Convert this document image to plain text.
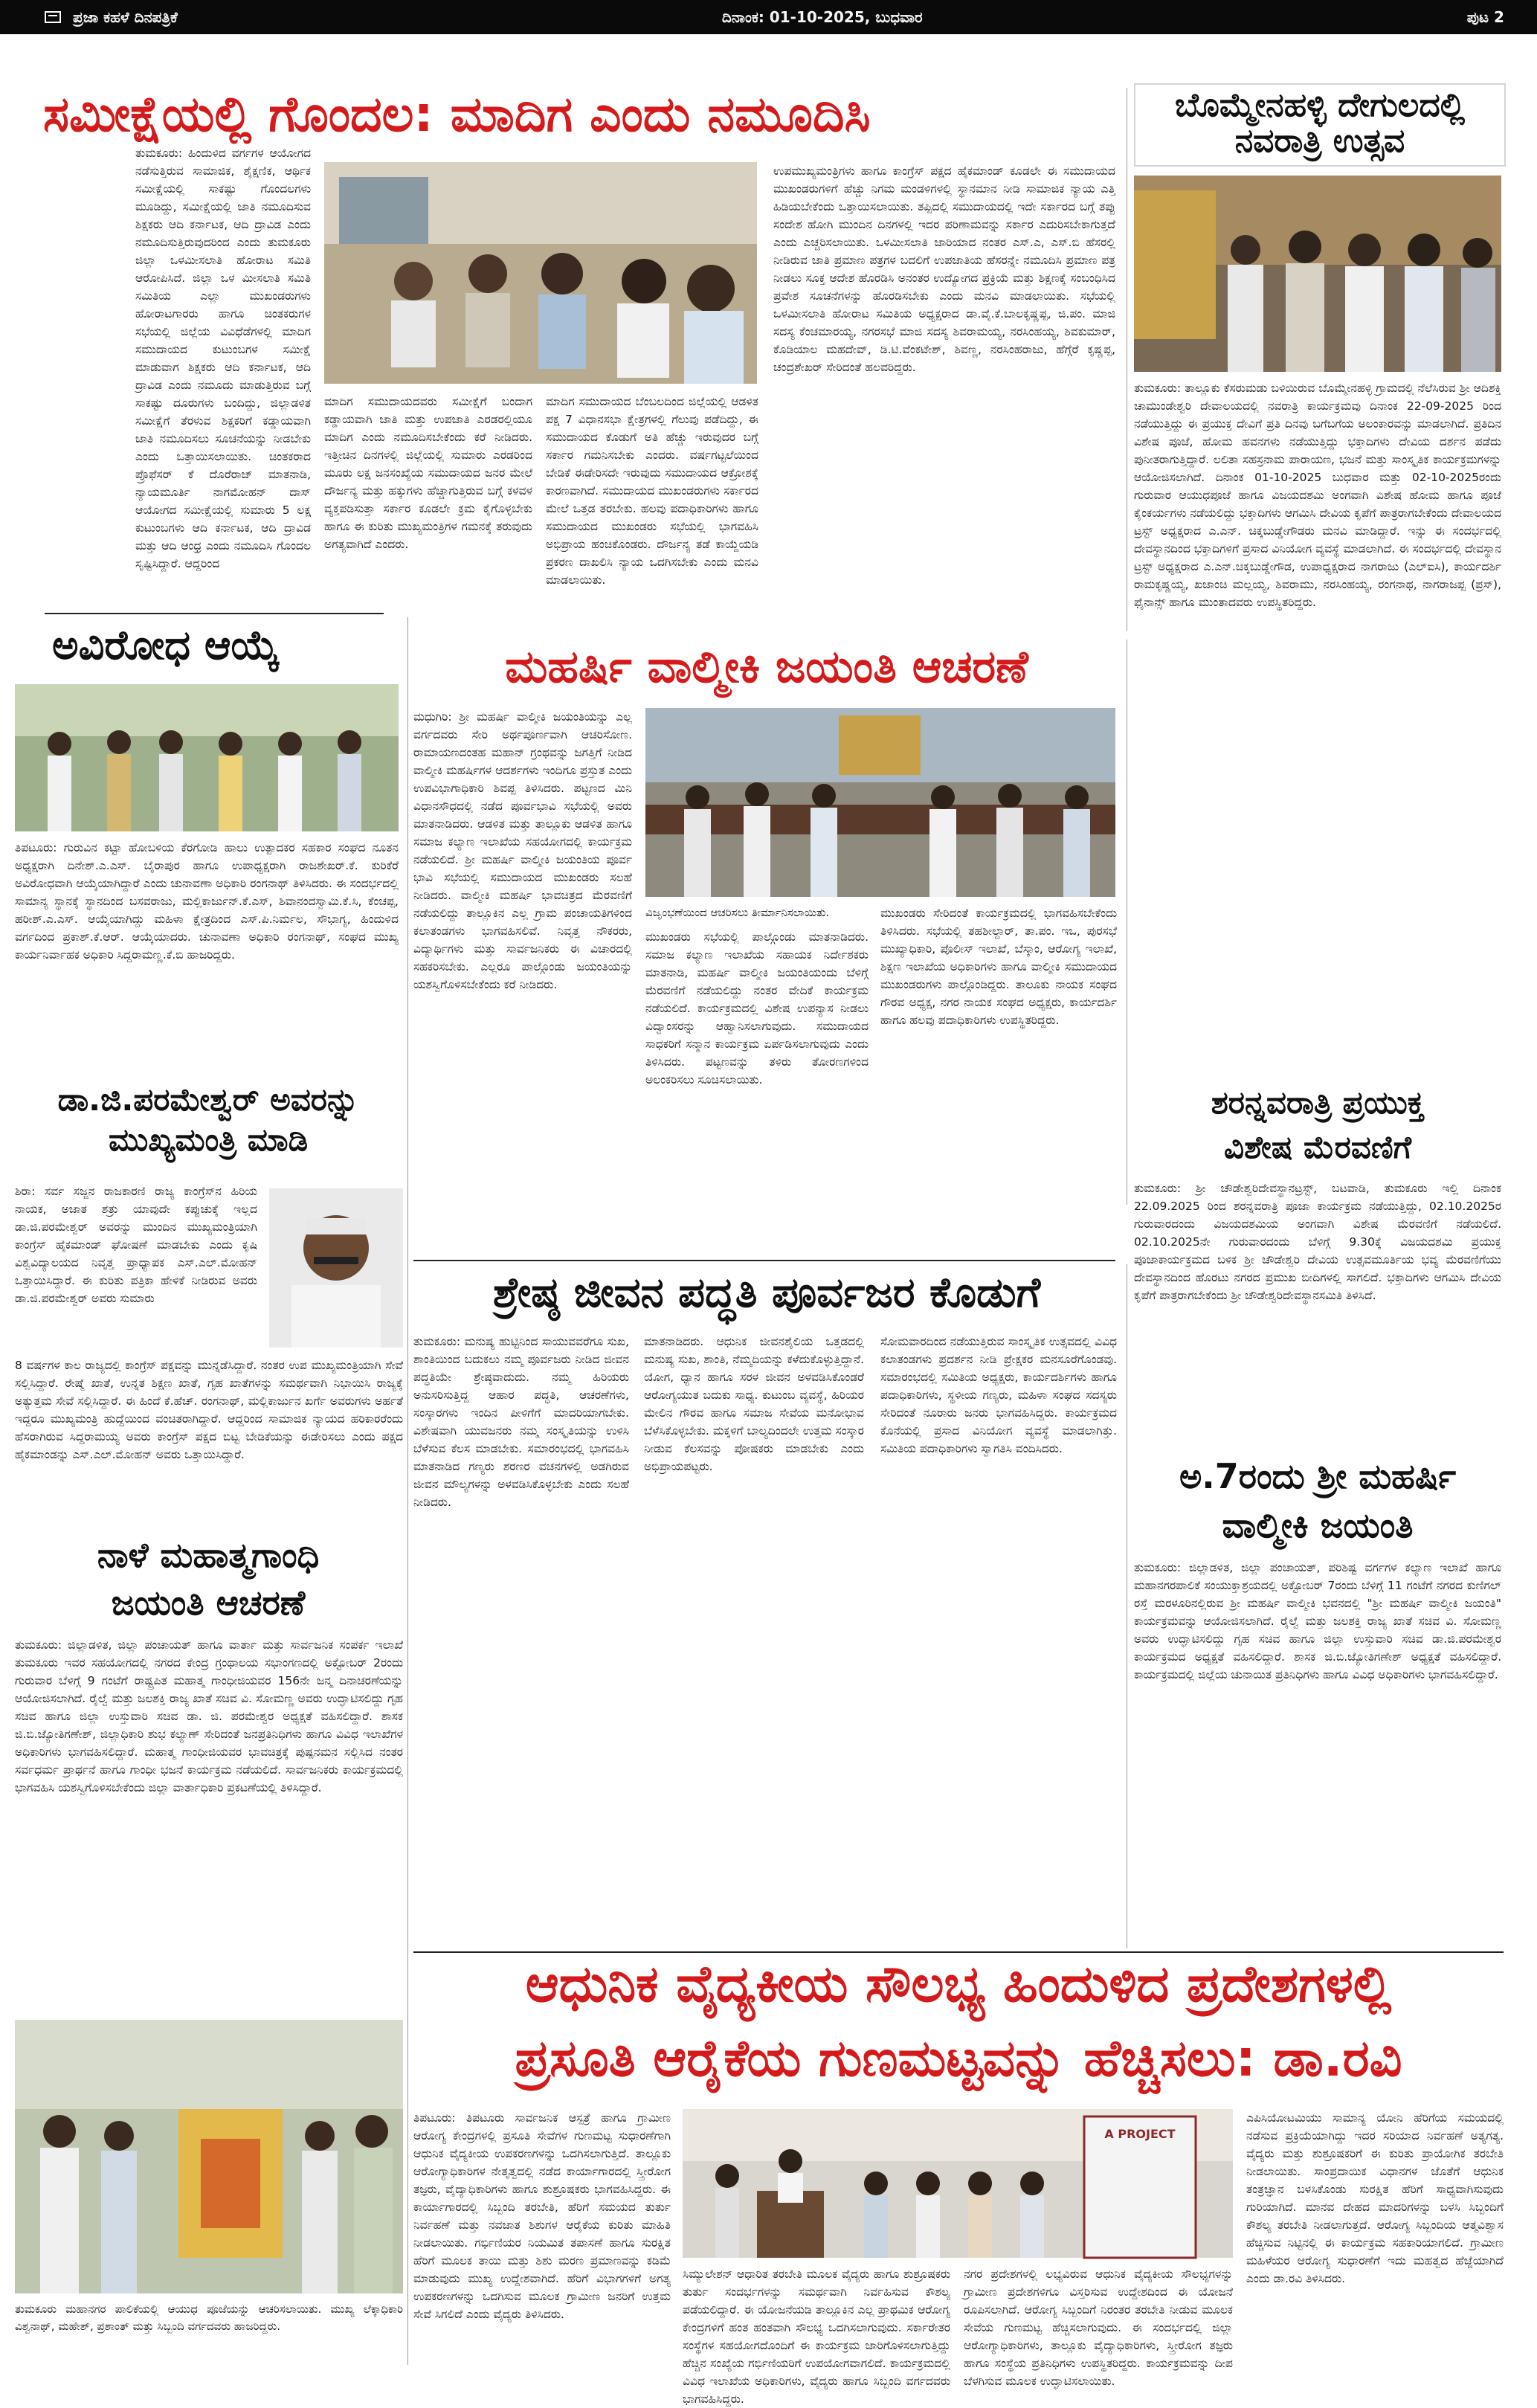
ಪ್ರಜಾ ಕಹಳೆ ದಿನಪತ್ರಿಕೆ	ದಿನಾಂಕ: 01-10-2025, ಬುಧವಾರ	ಪುಟ 2
ಸಮೀಕ್ಷೆಯಲ್ಲಿ ಗೊಂದಲ: ಮಾದಿಗ ಎಂದು ನಮೂದಿಸಿ
ತುಮಕೂರು: ಹಿಂದುಳಿದ ವರ್ಗಗಳ ಆಯೋಗದ ನಡೆಸುತ್ತಿರುವ ಸಾಮಾಜಿಕ, ಶೈಕ್ಷಣಿಕ, ಆರ್ಥಿಕ ಸಮೀಕ್ಷೆಯಲ್ಲಿ ಸಾಕಷ್ಟು ಗೊಂದಲಗಳು ಮೂಡಿದ್ದು, ಸಮೀಕ್ಷೆಯಲ್ಲಿ ಜಾತಿ ನಮೂದಿಸುವ ಶಿಕ್ಷಕರು ಆದಿ ಕರ್ನಾಟಕ, ಆದಿ ದ್ರಾವಿಡ ಎಂದು ನಮೂದಿಸುತ್ತಿರುವುದರಿಂದ ಎಂದು ತುಮಕೂರು ಜಿಲ್ಲಾ ಒಳಮೀಸಲಾತಿ ಹೋರಾಟ ಸಮಿತಿ ಆರೋಪಿಸಿದೆ. ಜಿಲ್ಲಾ ಒಳ ಮೀಸಲಾತಿ ಸಮಿತಿ ಸಮಿತಿಯ ಎಲ್ಲಾ ಮುಖಂಡರುಗಳು ಹೋರಾಟಗಾರರು ಹಾಗೂ ಚಿಂತಕರುಗಳ ಸಭೆಯಲ್ಲಿ ಜಿಲ್ಲೆಯ ವಿವಿಧೆಡೆಗಳಲ್ಲಿ ಮಾದಿಗ ಸಮುದಾಯದ ಕುಟುಂಬಗಳ ಸಮೀಕ್ಷೆ ಮಾಡುವಾಗ ಶಿಕ್ಷಕರು ಆದಿ ಕರ್ನಾಟಕ, ಆದಿ ದ್ರಾವಿಡ ಎಂದು ನಮೂದು ಮಾಡುತ್ತಿರುವ ಬಗ್ಗೆ ಸಾಕಷ್ಟು ದೂರುಗಳು ಬಂದಿದ್ದು, ಜಿಲ್ಲಾಡಳಿತ ಸಮೀಕ್ಷೆಗೆ ತೆರಳುವ ಶಿಕ್ಷಕರಿಗೆ ಕಡ್ಡಾಯವಾಗಿ ಜಾತಿ ನಮೂದಿಸಲು ಸೂಚನೆಯನ್ನು ನೀಡಬೇಕು ಎಂದು ಒತ್ತಾಯಿಸಲಾಯಿತು. ಚಿಂತಕರಾದ ಪ್ರೊಫೆಸರ್ ಕೆ ದೊರೆರಾಜ್ ಮಾತನಾಡಿ, ನ್ಯಾಯಮೂರ್ತಿ ನಾಗಮೋಹನ್ ದಾಸ್ ಆಯೋಗದ ಸಮೀಕ್ಷೆಯಲ್ಲಿ ಸುಮಾರು 5 ಲಕ್ಷ ಕುಟುಂಬಗಳು ಆದಿ ಕರ್ನಾಟಕ, ಆದಿ ದ್ರಾವಿಡ ಮತ್ತು ಆದಿ ಆಂಧ್ರ ಎಂದು ನಮೂದಿಸಿ ಗೊಂದಲ ಸೃಷ್ಟಿಸಿದ್ದಾರೆ. ಆದ್ದರಿಂದ
ಮಾದಿಗ ಸಮುದಾಯದವರು ಸಮೀಕ್ಷೆಗೆ ಬಂದಾಗ ಕಡ್ಡಾಯವಾಗಿ ಜಾತಿ ಮತ್ತು ಉಪಜಾತಿ ಎರಡರಲ್ಲಿಯೂ ಮಾದಿಗ ಎಂದು ನಮೂದಿಸಬೇಕೆಂದು ಕರೆ ನೀಡಿದರು. ಇತ್ತೀಚಿನ ದಿನಗಳಲ್ಲಿ ಜಿಲ್ಲೆಯಲ್ಲಿ ಸುಮಾರು ಎರಡರಿಂದ ಮೂರು ಲಕ್ಷ ಜನಸಂಖ್ಯೆಯ ಸಮುದಾಯದ ಜನರ ಮೇಲೆ ದೌರ್ಜನ್ಯ ಮತ್ತು ಹಕ್ಕುಗಳು ಹೆಚ್ಚಾಗುತ್ತಿರುವ ಬಗ್ಗೆ ಕಳವಳ ವ್ಯಕ್ತಪಡಿಸುತ್ತಾ ಸರ್ಕಾರ ಕೂಡಲೇ ಕ್ರಮ ಕೈಗೊಳ್ಳಬೇಕು ಹಾಗೂ ಈ ಕುರಿತು ಮುಖ್ಯಮಂತ್ರಿಗಳ ಗಮನಕ್ಕೆ ತರುವುದು ಅಗತ್ಯವಾಗಿದೆ ಎಂದರು.
ಮಾದಿಗ ಸಮುದಾಯದ ಬೆಂಬಲದಿಂದ ಜಿಲ್ಲೆಯಲ್ಲಿ ಆಡಳಿತ ಪಕ್ಷ 7 ವಿಧಾನಸಭಾ ಕ್ಷೇತ್ರಗಳಲ್ಲಿ ಗೆಲುವು ಪಡೆದಿದ್ದು, ಈ ಸಮುದಾಯದ ಕೊಡುಗೆ ಅತಿ ಹೆಚ್ಚು ಇರುವುದರ ಬಗ್ಗೆ ಸರ್ಕಾರ ಗಮನಿಸಬೇಕು ಎಂದರು. ವರ್ಷಗಟ್ಟಲೆಯಿಂದ ಬೇಡಿಕೆ ಈಡೇರಿಸದೇ ಇರುವುದು ಸಮುದಾಯದ ಆಕ್ರೋಶಕ್ಕೆ ಕಾರಣವಾಗಿದೆ. ಸಮುದಾಯದ ಮುಖಂಡರುಗಳು ಸರ್ಕಾರದ ಮೇಲೆ ಒತ್ತಡ ತರಬೇಕು. ಹಲವು ಪದಾಧಿಕಾರಿಗಳು ಹಾಗೂ ಸಮುದಾಯದ ಮುಖಂಡರು ಸಭೆಯಲ್ಲಿ ಭಾಗವಹಿಸಿ ಅಭಿಪ್ರಾಯ ಹಂಚಿಕೊಂಡರು. ದೌರ್ಜನ್ಯ ತಡೆ ಕಾಯ್ದೆಯಡಿ ಪ್ರಕರಣ ದಾಖಲಿಸಿ ನ್ಯಾಯ ಒದಗಿಸಬೇಕು ಎಂದು ಮನವಿ ಮಾಡಲಾಯಿತು.
ಉಪಮುಖ್ಯಮಂತ್ರಿಗಳು ಹಾಗೂ ಕಾಂಗ್ರೆಸ್ ಪಕ್ಷದ ಹೈಕಮಾಂಡ್ ಕೂಡಲೇ ಈ ಸಮುದಾಯದ ಮುಖಂಡರುಗಳಿಗೆ ಹೆಚ್ಚು ನಿಗಮ ಮಂಡಳಿಗಳಲ್ಲಿ ಸ್ಥಾನಮಾನ ನೀಡಿ ಸಾಮಾಜಿಕ ನ್ಯಾಯ ಎತ್ತಿ ಹಿಡಿಯಬೇಕೆಂದು ಒತ್ತಾಯಿಸಲಾಯಿತು. ತಪ್ಪಿದಲ್ಲಿ ಸಮುದಾಯದಲ್ಲಿ ಇದೇ ಸರ್ಕಾರದ ಬಗ್ಗೆ ತಪ್ಪು ಸಂದೇಶ ಹೋಗಿ ಮುಂದಿನ ದಿನಗಳಲ್ಲಿ ಇದರ ಪರಿಣಾಮವನ್ನು ಸರ್ಕಾರ ಎದುರಿಸಬೇಕಾಗುತ್ತದೆ ಎಂದು ಎಚ್ಚರಿಸಲಾಯಿತು. ಒಳಮೀಸಲಾತಿ ಜಾರಿಯಾದ ನಂತರ ಎಸ್.ಎ, ಎಸ್.ಬಿ ಹೆಸರಲ್ಲಿ ನೀಡಿರುವ ಜಾತಿ ಪ್ರಮಾಣ ಪತ್ರಗಳ ಬದಲಿಗೆ ಉಪಜಾತಿಯ ಹೆಸರನ್ನೇ ನಮೂದಿಸಿ ಪ್ರಮಾಣ ಪತ್ರ ನೀಡಲು ಸೂಕ್ತ ಆದೇಶ ಹೊರಡಿಸಿ ಅನಂತರ ಉದ್ಯೋಗದ ಪ್ರಕ್ರಿಯೆ ಮತ್ತು ಶಿಕ್ಷಣಕ್ಕೆ ಸಂಬಂಧಿಸಿದ ಪ್ರವೇಶ ಸೂಚನೆಗಳನ್ನು ಹೊರಡಿಸಬೇಕು ಎಂದು ಮನವಿ ಮಾಡಲಾಯಿತು. ಸಭೆಯಲ್ಲಿ ಒಳಮೀಸಲಾತಿ ಹೋರಾಟ ಸಮಿತಿಯ ಅಧ್ಯಕ್ಷರಾದ ಡಾ.ವೈ.ಕೆ.ಬಾಲಕೃಷ್ಣಪ್ಪ, ಜಿ.ಪಂ. ಮಾಜಿ ಸದಸ್ಯ ಕೆಂಚಮಾರಯ್ಯ, ನಗರಸಭೆ ಮಾಜಿ ಸದಸ್ಯ ಶಿವರಾಮಯ್ಯ, ನರಸಿಂಹಯ್ಯ, ಶಿವಕುಮಾರ್, ಕೊಡಿಯಾಲ ಮಹದೇವ್, ಡಿ.ಟಿ.ವೆಂಕಟೇಶ್, ಶಿವಣ್ಣ, ನರಸಿಂಹರಾಜು, ಹೆಗ್ಗೆರೆ ಕೃಷ್ಣಪ್ಪ, ಚಂದ್ರಶೇಖರ್ ಸೇರಿದಂತೆ ಹಲವರಿದ್ದರು.
ಬೊಮ್ಮೇನಹಳ್ಳಿ ದೇಗುಲದಲ್ಲಿ
ನವರಾತ್ರಿ ಉತ್ಸವ
ತುಮಕೂರು: ತಾಲ್ಲೂಕು ಕೆಸರುಮಡು ಬಳಿಯಿರುವ ಬೊಮ್ಮೇನಹಳ್ಳಿ ಗ್ರಾಮದಲ್ಲಿ ನೆಲೆಸಿರುವ ಶ್ರೀ ಆದಿಶಕ್ತಿ ಚಾಮುಂಡೇಶ್ವರಿ ದೇವಾಲಯದಲ್ಲಿ ನವರಾತ್ರಿ ಕಾರ್ಯಕ್ರಮವು ದಿನಾಂಕ 22-09-2025 ರಿಂದ ನಡೆಯುತ್ತಿದ್ದು ಈ ಪ್ರಯುಕ್ತ ದೇವಿಗೆ ಪ್ರತಿ ದಿನವು ಬಗೆಬಗೆಯ ಅಲಂಕಾರವನ್ನು ಮಾಡಲಾಗಿದೆ. ಪ್ರತಿದಿನ ವಿಶೇಷ ಪೂಜೆ, ಹೋಮ ಹವನಗಳು ನಡೆಯುತ್ತಿದ್ದು ಭಕ್ತಾದಿಗಳು ದೇವಿಯ ದರ್ಶನ ಪಡೆದು ಪುನೀತರಾಗುತ್ತಿದ್ದಾರೆ. ಲಲಿತಾ ಸಹಸ್ರನಾಮ ಪಾರಾಯಣ, ಭಜನೆ ಮತ್ತು ಸಾಂಸ್ಕೃತಿಕ ಕಾರ್ಯಕ್ರಮಗಳನ್ನು ಆಯೋಜಿಸಲಾಗಿದೆ. ದಿನಾಂಕ 01-10-2025 ಬುಧವಾರ ಮತ್ತು 02-10-2025ರಂದು ಗುರುವಾರ ಆಯುಧಪೂಜೆ ಹಾಗೂ ವಿಜಯದಶಮಿ ಅಂಗವಾಗಿ ವಿಶೇಷ ಹೋಮ ಹಾಗೂ ಪೂಜೆ ಕೈಂಕರ್ಯಗಳು ನಡೆಯಲಿದ್ದು ಭಕ್ತಾದಿಗಳು ಆಗಮಿಸಿ ದೇವಿಯ ಕೃಪೆಗೆ ಪಾತ್ರರಾಗಬೇಕೆಂದು ದೇವಾಲಯದ ಟ್ರಸ್ಟ್ ಅಧ್ಯಕ್ಷರಾದ ಎ.ಎನ್. ಚಿಕ್ಕಬುಡ್ಡೇಗೌಡರು ಮನವಿ ಮಾಡಿದ್ದಾರೆ. ಇನ್ನು ಈ ಸಂದರ್ಭದಲ್ಲಿ ದೇವಸ್ಥಾನದಿಂದ ಭಕ್ತಾದಿಗಳಿಗೆ ಪ್ರಸಾದ ವಿನಿಯೋಗ ವ್ಯವಸ್ಥೆ ಮಾಡಲಾಗಿದೆ. ಈ ಸಂದರ್ಭದಲ್ಲಿ ದೇವಸ್ಥಾನ ಟ್ರಸ್ಟ್ ಅಧ್ಯಕ್ಷರಾದ ಎ.ಎನ್.ಚಿಕ್ಕಬುಡ್ಡೇಗೌಡ, ಉಪಾಧ್ಯಕ್ಷರಾದ ನಾಗರಾಜು (ಎಲ್ಐಸಿ), ಕಾರ್ಯದರ್ಶಿ ರಾಮಕೃಷ್ಣಯ್ಯ, ಖಜಾಂಚಿ ಮಲ್ಲಯ್ಯ, ಶಿವರಾಮು, ನರಸಿಂಹಯ್ಯ, ರಂಗನಾಥ, ನಾಗರಾಜಪ್ಪ (ಪ್ರಸ್), ಫೈನಾನ್ಸ್ ಹಾಗೂ ಮುಂತಾದವರು ಉಪಸ್ಥಿತರಿದ್ದರು.
ಅವಿರೋಧ ಆಯ್ಕೆ
ತಿಪಟೂರು: ಗುರುವಿನ ಕಟ್ಟಾ ಹೋಬಳಿಯ ಕೆರಗೋಡಿ ಹಾಲು ಉತ್ಪಾದಕರ ಸಹಕಾರ ಸಂಘದ ನೂತನ ಅಧ್ಯಕ್ಷರಾಗಿ ದಿನೇಶ್.ಎ.ಎಸ್. ಬೈರಾಪುರ ಹಾಗೂ ಉಪಾಧ್ಯಕ್ಷರಾಗಿ ರಾಜಶೇಖರ್.ಕೆ. ಕುರಿಕೆರೆ ಅವಿರೋಧವಾಗಿ ಆಯ್ಕೆಯಾಗಿದ್ದಾರೆ ಎಂದು ಚುನಾವಣಾ ಅಧಿಕಾರಿ ರಂಗನಾಥ್ ತಿಳಿಸಿದರು. ಈ ಸಂದರ್ಭದಲ್ಲಿ ಸಾಮಾನ್ಯ ಸ್ಥಾನಕ್ಕೆ ಸ್ಥಾನದಿಂದ ಬಸವರಾಜು, ಮಲ್ಲಿಕಾರ್ಜುನ್.ಕೆ.ಎಸ್, ಶಿವಾನಂದಸ್ವಾಮಿ.ಕೆ.ಸಿ, ಕೆಂಚಪ್ಪ, ಹರೀಶ್.ಎ.ಎಸ್. ಆಯ್ಕೆಯಾಗಿದ್ದು ಮಹಿಳಾ ಕ್ಷೇತ್ರದಿಂದ ಎಸ್.ಪಿ.ನಿರ್ಮಲ, ಸೌಭಾಗ್ಯ, ಹಿಂದುಳಿದ ವರ್ಗದಿಂದ ಪ್ರಕಾಶ್.ಕೆ.ಆರ್. ಆಯ್ಕೆಯಾದರು. ಚುನಾವಣಾ ಅಧಿಕಾರಿ ರಂಗನಾಥ್, ಸಂಘದ ಮುಖ್ಯ ಕಾರ್ಯನಿರ್ವಾಹಕ ಅಧಿಕಾರಿ ಸಿದ್ದರಾಮಣ್ಣ.ಕೆ.ಬಿ ಹಾಜರಿದ್ದರು.
ಡಾ.ಜಿ.ಪರಮೇಶ್ವರ್ ಅವರನ್ನು
ಮುಖ್ಯಮಂತ್ರಿ ಮಾಡಿ
ಶಿರಾ: ಸರ್ವ ಸಜ್ಜನ ರಾಜಕಾರಣಿ ರಾಜ್ಯ ಕಾಂಗ್ರೆಸ್‌ನ ಹಿರಿಯ ನಾಯಕ, ಅಜಾತ ಶತ್ರು ಯಾವುದೇ ಕಪ್ಪುಚುಕ್ಕೆ ಇಲ್ಲದ ಡಾ.ಜಿ.ಪರಮೇಶ್ವರ್ ಅವರನ್ನು ಮುಂದಿನ ಮುಖ್ಯಮಂತ್ರಿಯಾಗಿ ಕಾಂಗ್ರೆಸ್ ಹೈಕಮಾಂಡ್ ಘೋಷಣೆ ಮಾಡಬೇಕು ಎಂದು ಕೃಷಿ ವಿಶ್ವವಿದ್ಯಾಲಯದ ನಿವೃತ್ತ ಪ್ರಾಧ್ಯಾಪಕ ಎಸ್.ಎಲ್.ಮೋಹನ್ ಒತ್ತಾಯಿಸಿದ್ದಾರೆ. ಈ ಕುರಿತು ಪತ್ರಿಕಾ ಹೇಳಿಕೆ ನೀಡಿರುವ ಅವರು ಡಾ.ಜಿ.ಪರಮೇಶ್ವರ್ ಅವರು ಸುಮಾರು
8 ವರ್ಷಗಳ ಕಾಲ ರಾಜ್ಯದಲ್ಲಿ ಕಾಂಗ್ರೆಸ್ ಪಕ್ಷವನ್ನು ಮುನ್ನಡೆಸಿದ್ದಾರೆ. ನಂತರ ಉಪ ಮುಖ್ಯಮಂತ್ರಿಯಾಗಿ ಸೇವೆ ಸಲ್ಲಿಸಿದ್ದಾರೆ. ರೇಷ್ಮೆ ಖಾತೆ, ಉನ್ನತ ಶಿಕ್ಷಣ ಖಾತೆ, ಗೃಹ ಖಾತೆಗಳನ್ನು ಸಮರ್ಥವಾಗಿ ನಿಭಾಯಿಸಿ ರಾಜ್ಯಕ್ಕೆ ಅತ್ಯುತ್ತಮ ಸೇವೆ ಸಲ್ಲಿಸಿದ್ದಾರೆ. ಈ ಹಿಂದೆ ಕೆ.ಹೆಚ್. ರಂಗನಾಥ್, ಮಲ್ಲಿಕಾರ್ಜುನ ಖರ್ಗೆ ಅವರುಗಳು ಅರ್ಹತೆ ಇದ್ದರೂ ಮುಖ್ಯಮಂತ್ರಿ ಹುದ್ದೆಯಿಂದ ವಂಚಿತರಾಗಿದ್ದಾರೆ. ಆದ್ದರಿಂದ ಸಾಮಾಜಿಕ ನ್ಯಾಯದ ಹರಿಕಾರರೆಂದು ಹೆಸರಾಗಿರುವ ಸಿದ್ದರಾಮಯ್ಯ ಅವರು ಕಾಂಗ್ರೆಸ್ ಪಕ್ಷದ ಬಿಟ್ಟ ಬೇಡಿಕೆಯನ್ನು ಈಡೇರಿಸಲು ಎಂದು ಪಕ್ಷದ ಹೈಕಮಾಂಡನ್ನು ಎಸ್.ಎಲ್.ಮೋಹನ್ ಅವರು ಒತ್ತಾಯಿಸಿದ್ದಾರೆ.
ನಾಳೆ ಮಹಾತ್ಮಗಾಂಧಿ
ಜಯಂತಿ ಆಚರಣೆ
ತುಮಕೂರು: ಜಿಲ್ಲಾಡಳಿತ, ಜಿಲ್ಲಾ ಪಂಚಾಯತ್ ಹಾಗೂ ವಾರ್ತಾ ಮತ್ತು ಸಾರ್ವಜನಿಕ ಸಂಪರ್ಕ ಇಲಾಖೆ ತುಮಕೂರು ಇವರ ಸಹಯೋಗದಲ್ಲಿ ನಗರದ ಕೇಂದ್ರ ಗ್ರಂಥಾಲಯ ಸಭಾಂಗಣದಲ್ಲಿ ಅಕ್ಟೋಬರ್ 2ರಂದು ಗುರುವಾರ ಬೆಳಿಗ್ಗೆ 9 ಗಂಟೆಗೆ ರಾಷ್ಟ್ರಪಿತ ಮಹಾತ್ಮ ಗಾಂಧೀಜಿಯವರ 156ನೇ ಜನ್ಮ ದಿನಾಚರಣೆಯನ್ನು ಆಯೋಜಿಸಲಾಗಿದೆ. ರೈಲ್ವೆ ಮತ್ತು ಜಲಶಕ್ತಿ ರಾಜ್ಯ ಖಾತೆ ಸಚಿವ ವಿ. ಸೋಮಣ್ಣ ಅವರು ಉದ್ಘಾಟಿಸಲಿದ್ದು ಗೃಹ ಸಚಿವ ಹಾಗೂ ಜಿಲ್ಲಾ ಉಸ್ತುವಾರಿ ಸಚಿವ ಡಾ. ಜಿ. ಪರಮೇಶ್ವರ ಅಧ್ಯಕ್ಷತೆ ವಹಿಸಲಿದ್ದಾರೆ. ಶಾಸಕ ಜಿ.ಬಿ.ಜ್ಯೋತಿಗಣೇಶ್, ಜಿಲ್ಲಾಧಿಕಾರಿ ಶುಭ ಕಲ್ಯಾಣ್ ಸೇರಿದಂತೆ ಜನಪ್ರತಿನಿಧಿಗಳು ಹಾಗೂ ವಿವಿಧ ಇಲಾಖೆಗಳ ಅಧಿಕಾರಿಗಳು ಭಾಗವಹಿಸಲಿದ್ದಾರೆ. ಮಹಾತ್ಮ ಗಾಂಧೀಜಿಯವರ ಭಾವಚಿತ್ರಕ್ಕೆ ಪುಷ್ಪನಮನ ಸಲ್ಲಿಸಿದ ನಂತರ ಸರ್ವಧರ್ಮ ಪ್ರಾರ್ಥನೆ ಹಾಗೂ ಗಾಂಧೀ ಭಜನೆ ಕಾರ್ಯಕ್ರಮ ನಡೆಯಲಿದೆ. ಸಾರ್ವಜನಿಕರು ಕಾರ್ಯಕ್ರಮದಲ್ಲಿ ಭಾಗವಹಿಸಿ ಯಶಸ್ವಿಗೊಳಿಸಬೇಕೆಂದು ಜಿಲ್ಲಾ ವಾರ್ತಾಧಿಕಾರಿ ಪ್ರಕಟಣೆಯಲ್ಲಿ ತಿಳಿಸಿದ್ದಾರೆ.
ತುಮಕೂರು ಮಹಾನಗರ ಪಾಲಿಕೆಯಲ್ಲಿ ಆಯುಧ ಪೂಜೆಯನ್ನು ಆಚರಿಸಲಾಯಿತು. ಮುಖ್ಯ ಲೆಕ್ಕಾಧಿಕಾರಿ ವಿಶ್ವನಾಥ್, ಮಹೇಶ್, ಪ್ರಶಾಂತ್ ಮತ್ತು ಸಿಬ್ಬಂದಿ ವರ್ಗದವರು ಹಾಜರಿದ್ದರು.
ಮಹರ್ಷಿ ವಾಲ್ಮೀಕಿ ಜಯಂತಿ ಆಚರಣೆ
ಮಧುಗಿರಿ: ಶ್ರೀ ಮಹರ್ಷಿ ವಾಲ್ಮೀಕಿ ಜಯಂತಿಯನ್ನು ಎಲ್ಲ ವರ್ಗದವರು ಸೇರಿ ಅರ್ಥಪೂರ್ಣವಾಗಿ ಆಚರಿಸೋಣ. ರಾಮಾಯಣದಂತಹ ಮಹಾನ್ ಗ್ರಂಥವನ್ನು ಜಗತ್ತಿಗೆ ನೀಡಿದ ವಾಲ್ಮೀಕಿ ಮಹರ್ಷಿಗಳ ಆದರ್ಶಗಳು ಇಂದಿಗೂ ಪ್ರಸ್ತುತ ಎಂದು ಉಪವಿಭಾಗಾಧಿಕಾರಿ ಶಿವಪ್ಪ ತಿಳಿಸಿದರು. ಪಟ್ಟಣದ ಮಿನಿ ವಿಧಾನಸೌಧದಲ್ಲಿ ನಡೆದ ಪೂರ್ವಭಾವಿ ಸಭೆಯಲ್ಲಿ ಅವರು ಮಾತನಾಡಿದರು. ಆಡಳಿತ ಮತ್ತು ತಾಲ್ಲೂಕು ಆಡಳಿತ ಹಾಗೂ ಸಮಾಜ ಕಲ್ಯಾಣ ಇಲಾಖೆಯ ಸಹಯೋಗದಲ್ಲಿ ಕಾರ್ಯಕ್ರಮ ನಡೆಯಲಿದೆ. ಶ್ರೀ ಮಹರ್ಷಿ ವಾಲ್ಮೀಕಿ ಜಯಂತಿಯ ಪೂರ್ವ ಭಾವಿ ಸಭೆಯಲ್ಲಿ ಸಮುದಾಯದ ಮುಖಂಡರು ಸಲಹೆ ನೀಡಿದರು. ವಾಲ್ಮೀಕಿ ಮಹರ್ಷಿ ಭಾವಚಿತ್ರದ ಮೆರವಣಿಗೆ ನಡೆಯಲಿದ್ದು ತಾಲ್ಲೂಕಿನ ಎಲ್ಲ ಗ್ರಾಮ ಪಂಚಾಯತಿಗಳಿಂದ ಕಲಾತಂಡಗಳು ಭಾಗವಹಿಸಲಿವೆ. ನಿವೃತ್ತ ನೌಕರರು, ವಿದ್ಯಾರ್ಥಿಗಳು ಮತ್ತು ಸಾರ್ವಜನಿಕರು ಈ ವಿಚಾರದಲ್ಲಿ ಸಹಕರಿಸಬೇಕು. ಎಲ್ಲರೂ ಪಾಲ್ಗೊಂಡು ಜಯಂತಿಯನ್ನು ಯಶಸ್ವಿಗೊಳಿಸಬೇಕೆಂದು ಕರೆ ನೀಡಿದರು.
ವಿಜೃಂಭಣೆಯಿಂದ ಆಚರಿಸಲು ತೀರ್ಮಾನಿಸಲಾಯಿತು.
ಮುಖಂಡರು ಸಭೆಯಲ್ಲಿ ಪಾಲ್ಗೊಂಡು ಮಾತನಾಡಿದರು. ಸಮಾಜ ಕಲ್ಯಾಣ ಇಲಾಖೆಯ ಸಹಾಯಕ ನಿರ್ದೇಶಕರು ಮಾತನಾಡಿ, ಮಹರ್ಷಿ ವಾಲ್ಮೀಕಿ ಜಯಂತಿಯಂದು ಬೆಳಿಗ್ಗೆ ಮೆರವಣಿಗೆ ನಡೆಯಲಿದ್ದು ನಂತರ ವೇದಿಕೆ ಕಾರ್ಯಕ್ರಮ ನಡೆಯಲಿದೆ. ಕಾರ್ಯಕ್ರಮದಲ್ಲಿ ವಿಶೇಷ ಉಪನ್ಯಾಸ ನೀಡಲು ವಿದ್ವಾಂಸರನ್ನು ಆಹ್ವಾನಿಸಲಾಗುವುದು. ಸಮುದಾಯದ ಸಾಧಕರಿಗೆ ಸನ್ಮಾನ ಕಾರ್ಯಕ್ರಮ ಏರ್ಪಡಿಸಲಾಗುವುದು ಎಂದು ತಿಳಿಸಿದರು. ಪಟ್ಟಣವನ್ನು ತಳಿರು ತೋರಣಗಳಿಂದ ಅಲಂಕರಿಸಲು ಸೂಚಿಸಲಾಯಿತು.
ಮುಖಂಡರು ಸೇರಿದಂತೆ ಕಾರ್ಯಕ್ರಮದಲ್ಲಿ ಭಾಗವಹಿಸಬೇಕೆಂದು ತಿಳಿಸಿದರು. ಸಭೆಯಲ್ಲಿ ತಹಶೀಲ್ದಾರ್, ತಾ.ಪಂ. ಇಒ, ಪುರಸಭೆ ಮುಖ್ಯಾಧಿಕಾರಿ, ಪೊಲೀಸ್ ಇಲಾಖೆ, ಬೆಸ್ಕಾಂ, ಆರೋಗ್ಯ ಇಲಾಖೆ, ಶಿಕ್ಷಣ ಇಲಾಖೆಯ ಅಧಿಕಾರಿಗಳು ಹಾಗೂ ವಾಲ್ಮೀಕಿ ಸಮುದಾಯದ ಮುಖಂಡರುಗಳು ಪಾಲ್ಗೊಂಡಿದ್ದರು. ತಾಲೂಕು ನಾಯಕ ಸಂಘದ ಗೌರವ ಅಧ್ಯಕ್ಷ, ನಗರ ನಾಯಕ ಸಂಘದ ಅಧ್ಯಕ್ಷರು, ಕಾರ್ಯದರ್ಶಿ ಹಾಗೂ ಹಲವು ಪದಾಧಿಕಾರಿಗಳು ಉಪಸ್ಥಿತರಿದ್ದರು.
ಶರನ್ನವರಾತ್ರಿ ಪ್ರಯುಕ್ತ
ವಿಶೇಷ ಮೆರವಣಿಗೆ
ತುಮಕೂರು: ಶ್ರೀ ಚೌಡೇಶ್ವರಿದೇವಸ್ಥಾನಟ್ರಸ್ಟ್, ಬಟವಾಡಿ, ತುಮಕೂರು ಇಲ್ಲಿ ದಿನಾಂಕ 22.09.2025 ರಿಂದ ಶರನ್ನವರಾತ್ರಿ ಪೂಜಾ ಕಾರ್ಯಕ್ರಮ ನಡೆಯುತ್ತಿದ್ದು, 02.10.2025ರ ಗುರುವಾರದಂದು ವಿಜಯದಶಮಿಯ ಅಂಗವಾಗಿ ವಿಶೇಷ ಮೆರವಣಿಗೆ ನಡೆಯಲಿದೆ. 02.10.2025ನೇ ಗುರುವಾರದಂದು ಬೆಳಿಗ್ಗೆ 9.30ಕ್ಕೆ ವಿಜಯದಶಮಿ ಪ್ರಯುಕ್ತ ಪೂಜಾಕಾರ್ಯಕ್ರಮದ ಬಳಿಕ ಶ್ರೀ ಚೌಡೇಶ್ವರಿ ದೇವಿಯ ಉತ್ಸವಮೂರ್ತಿಯ ಭವ್ಯ ಮೆರವಣಿಗೆಯು ದೇವಸ್ಥಾನದಿಂದ ಹೊರಟು ನಗರದ ಪ್ರಮುಖ ಬೀದಿಗಳಲ್ಲಿ ಸಾಗಲಿದೆ. ಭಕ್ತಾದಿಗಳು ಆಗಮಿಸಿ ದೇವಿಯ ಕೃಪೆಗೆ ಪಾತ್ರರಾಗಬೇಕೆಂದು ಶ್ರೀ ಚೌಡೇಶ್ವರಿದೇವಸ್ಥಾನಸಮಿತಿ ತಿಳಿಸಿದೆ.
ಅ.7ರಂದು ಶ್ರೀ ಮಹರ್ಷಿ
ವಾಲ್ಮೀಕಿ ಜಯಂತಿ
ತುಮಕೂರು: ಜಿಲ್ಲಾಡಳಿತ, ಜಿಲ್ಲಾ ಪಂಚಾಯತ್, ಪರಿಶಿಷ್ಟ ವರ್ಗಗಳ ಕಲ್ಯಾಣ ಇಲಾಖೆ ಹಾಗೂ ಮಹಾನಗರಪಾಲಿಕೆ ಸಂಯುಕ್ತಾಶ್ರಯದಲ್ಲಿ ಅಕ್ಟೋಬರ್ 7ರಂದು ಬೆಳಿಗ್ಗೆ 11 ಗಂಟೆಗೆ ನಗರದ ಕುಣಿಗಲ್ ರಸ್ತೆ ಮರಳೂರಿನಲ್ಲಿರುವ ಶ್ರೀ ಮಹರ್ಷಿ ವಾಲ್ಮೀಕಿ ಭವನದಲ್ಲಿ "ಶ್ರೀ ಮಹರ್ಷಿ ವಾಲ್ಮೀಕಿ ಜಯಂತಿ" ಕಾರ್ಯಕ್ರಮವನ್ನು ಆಯೋಜಿಸಲಾಗಿದೆ. ರೈಲ್ವೆ ಮತ್ತು ಜಲಶಕ್ತಿ ರಾಜ್ಯ ಖಾತೆ ಸಚಿವ ವಿ. ಸೋಮಣ್ಣ ಅವರು ಉದ್ಘಾಟಿಸಲಿದ್ದು ಗೃಹ ಸಚಿವ ಹಾಗೂ ಜಿಲ್ಲಾ ಉಸ್ತುವಾರಿ ಸಚಿವ ಡಾ.ಜಿ.ಪರಮೇಶ್ವರ ಕಾರ್ಯಕ್ರಮದ ಅಧ್ಯಕ್ಷತೆ ವಹಿಸಲಿದ್ದಾರೆ. ಶಾಸಕ ಜಿ.ಬಿ.ಜ್ಯೋತಿಗಣೇಶ್ ಅಧ್ಯಕ್ಷತೆ ವಹಿಸಲಿದ್ದಾರೆ. ಕಾರ್ಯಕ್ರಮದಲ್ಲಿ ಜಿಲ್ಲೆಯ ಚುನಾಯಿತ ಪ್ರತಿನಿಧಿಗಳು ಹಾಗೂ ವಿವಿಧ ಅಧಿಕಾರಿಗಳು ಭಾಗವಹಿಸಲಿದ್ದಾರೆ.
ಶ್ರೇಷ್ಠ ಜೀವನ ಪದ್ಧತಿ ಪೂರ್ವಜರ ಕೊಡುಗೆ
ತುಮಕೂರು: ಮನುಷ್ಯ ಹುಟ್ಟಿನಿಂದ ಸಾಯುವವರೆಗೂ ಸುಖ, ಶಾಂತಿಯಿಂದ ಬದುಕಲು ನಮ್ಮ ಪೂರ್ವಜರು ನೀಡಿದ ಜೀವನ ಪದ್ಧತಿಯೇ ಶ್ರೇಷ್ಠವಾದುದು. ನಮ್ಮ ಹಿರಿಯರು ಅನುಸರಿಸುತ್ತಿದ್ದ ಆಹಾರ ಪದ್ಧತಿ, ಆಚರಣೆಗಳು, ಸಂಸ್ಕಾರಗಳು ಇಂದಿನ ಪೀಳಿಗೆಗೆ ಮಾದರಿಯಾಗಬೇಕು. ವಿಶೇಷವಾಗಿ ಯುವಜನರು ನಮ್ಮ ಸಂಸ್ಕೃತಿಯನ್ನು ಉಳಿಸಿ ಬೆಳೆಸುವ ಕೆಲಸ ಮಾಡಬೇಕು. ಸಮಾರಂಭದಲ್ಲಿ ಭಾಗವಹಿಸಿ ಮಾತನಾಡಿದ ಗಣ್ಯರು ಶರಣರ ವಚನಗಳಲ್ಲಿ ಅಡಗಿರುವ ಜೀವನ ಮೌಲ್ಯಗಳನ್ನು ಅಳವಡಿಸಿಕೊಳ್ಳಬೇಕು ಎಂದು ಸಲಹೆ ನೀಡಿದರು.
ಮಾತನಾಡಿದರು. ಆಧುನಿಕ ಜೀವನಶೈಲಿಯ ಒತ್ತಡದಲ್ಲಿ ಮನುಷ್ಯ ಸುಖ, ಶಾಂತಿ, ನೆಮ್ಮದಿಯನ್ನು ಕಳೆದುಕೊಳ್ಳುತ್ತಿದ್ದಾನೆ. ಯೋಗ, ಧ್ಯಾನ ಹಾಗೂ ಸರಳ ಜೀವನ ಅಳವಡಿಸಿಕೊಂಡರೆ ಆರೋಗ್ಯಯುತ ಬದುಕು ಸಾಧ್ಯ. ಕುಟುಂಬ ವ್ಯವಸ್ಥೆ, ಹಿರಿಯರ ಮೇಲಿನ ಗೌರವ ಹಾಗೂ ಸಮಾಜ ಸೇವೆಯ ಮನೋಭಾವ ಬೆಳೆಸಿಕೊಳ್ಳಬೇಕು. ಮಕ್ಕಳಿಗೆ ಬಾಲ್ಯದಿಂದಲೇ ಉತ್ತಮ ಸಂಸ್ಕಾರ ನೀಡುವ ಕೆಲಸವನ್ನು ಪೋಷಕರು ಮಾಡಬೇಕು ಎಂದು ಅಭಿಪ್ರಾಯಪಟ್ಟರು.
ಸೋಮವಾರದಿಂದ ನಡೆಯುತ್ತಿರುವ ಸಾಂಸ್ಕೃತಿಕ ಉತ್ಸವದಲ್ಲಿ ವಿವಿಧ ಕಲಾತಂಡಗಳು ಪ್ರದರ್ಶನ ನೀಡಿ ಪ್ರೇಕ್ಷಕರ ಮನಸೂರೆಗೊಂಡವು. ಸಮಾರಂಭದಲ್ಲಿ ಸಮಿತಿಯ ಅಧ್ಯಕ್ಷರು, ಕಾರ್ಯದರ್ಶಿಗಳು ಹಾಗೂ ಪದಾಧಿಕಾರಿಗಳು, ಸ್ಥಳೀಯ ಗಣ್ಯರು, ಮಹಿಳಾ ಸಂಘದ ಸದಸ್ಯರು ಸೇರಿದಂತೆ ನೂರಾರು ಜನರು ಭಾಗವಹಿಸಿದ್ದರು. ಕಾರ್ಯಕ್ರಮದ ಕೊನೆಯಲ್ಲಿ ಪ್ರಸಾದ ವಿನಿಯೋಗ ವ್ಯವಸ್ಥೆ ಮಾಡಲಾಗಿತ್ತು. ಸಮಿತಿಯ ಪದಾಧಿಕಾರಿಗಳು ಸ್ವಾಗತಿಸಿ ವಂದಿಸಿದರು.
ಆಧುನಿಕ ವೈದ್ಯಕೀಯ ಸೌಲಭ್ಯ ಹಿಂದುಳಿದ ಪ್ರದೇಶಗಳಲ್ಲಿ
ಪ್ರಸೂತಿ ಆರೈಕೆಯ ಗುಣಮಟ್ಟವನ್ನು ಹೆಚ್ಚಿಸಲು: ಡಾ.ರವಿ
ತಿಪಟೂರು: ತಿಪಟೂರು ಸಾರ್ವಜನಿಕ ಆಸ್ಪತ್ರೆ ಹಾಗೂ ಗ್ರಾಮೀಣ ಆರೋಗ್ಯ ಕೇಂದ್ರಗಳಲ್ಲಿ ಪ್ರಸೂತಿ ಸೇವೆಗಳ ಗುಣಮಟ್ಟ ಸುಧಾರಣೆಗಾಗಿ ಆಧುನಿಕ ವೈದ್ಯಕೀಯ ಉಪಕರಣಗಳನ್ನು ಒದಗಿಸಲಾಗುತ್ತಿದೆ. ತಾಲ್ಲೂಕು ಆರೋಗ್ಯಾಧಿಕಾರಿಗಳ ನೇತೃತ್ವದಲ್ಲಿ ನಡೆದ ಕಾರ್ಯಾಗಾರದಲ್ಲಿ ಸ್ತ್ರೀರೋಗ ತಜ್ಞರು, ವೈದ್ಯಾಧಿಕಾರಿಗಳು ಹಾಗೂ ಶುಶ್ರೂಷಕರು ಭಾಗವಹಿಸಿದ್ದರು. ಈ ಕಾರ್ಯಾಗಾರದಲ್ಲಿ ಸಿಬ್ಬಂದಿ ತರಬೇತಿ, ಹೆರಿಗೆ ಸಮಯದ ತುರ್ತು ನಿರ್ವಹಣೆ ಮತ್ತು ನವಜಾತ ಶಿಶುಗಳ ಆರೈಕೆಯ ಕುರಿತು ಮಾಹಿತಿ ನೀಡಲಾಯಿತು. ಗರ್ಭಿಣಿಯರ ನಿಯಮಿತ ತಪಾಸಣೆ ಹಾಗೂ ಸುರಕ್ಷಿತ ಹೆರಿಗೆ ಮೂಲಕ ತಾಯಿ ಮತ್ತು ಶಿಶು ಮರಣ ಪ್ರಮಾಣವನ್ನು ಕಡಿಮೆ ಮಾಡುವುದು ಮುಖ್ಯ ಉದ್ದೇಶವಾಗಿದೆ. ಹೆರಿಗೆ ವಿಭಾಗಗಳಿಗೆ ಅಗತ್ಯ ಉಪಕರಣಗಳನ್ನು ಒದಗಿಸುವ ಮೂಲಕ ಗ್ರಾಮೀಣ ಜನರಿಗೆ ಉತ್ತಮ ಸೇವೆ ಸಿಗಲಿದೆ ಎಂದು ವೈದ್ಯರು ತಿಳಿಸಿದರು.
A PROJECT
ಸಿಮ್ಯುಲೇಶನ್ ಆಧಾರಿತ ತರಬೇತಿ ಮೂಲಕ ವೈದ್ಯರು ಹಾಗೂ ಶುಶ್ರೂಷಕರು ತುರ್ತು ಸಂದರ್ಭಗಳನ್ನು ಸಮರ್ಥವಾಗಿ ನಿರ್ವಹಿಸುವ ಕೌಶಲ್ಯ ಪಡೆಯಲಿದ್ದಾರೆ. ಈ ಯೋಜನೆಯಡಿ ತಾಲ್ಲೂಕಿನ ಎಲ್ಲ ಪ್ರಾಥಮಿಕ ಆರೋಗ್ಯ ಕೇಂದ್ರಗಳಿಗೆ ಹಂತ ಹಂತವಾಗಿ ಸೌಲಭ್ಯ ಒದಗಿಸಲಾಗುವುದು. ಸರ್ಕಾರೇತರ ಸಂಸ್ಥೆಗಳ ಸಹಯೋಗದೊಂದಿಗೆ ಈ ಕಾರ್ಯಕ್ರಮ ಜಾರಿಗೊಳಿಸಲಾಗುತ್ತಿದ್ದು ಹೆಚ್ಚಿನ ಸಂಖ್ಯೆಯ ಗರ್ಭಿಣಿಯರಿಗೆ ಉಪಯೋಗವಾಗಲಿದೆ. ಕಾರ್ಯಕ್ರಮದಲ್ಲಿ ವಿವಿಧ ಇಲಾಖೆಯ ಅಧಿಕಾರಿಗಳು, ವೈದ್ಯರು ಹಾಗೂ ಸಿಬ್ಬಂದಿ ವರ್ಗದವರು ಭಾಗವಹಿಸಿದ್ದರು.
ನಗರ ಪ್ರದೇಶಗಳಲ್ಲಿ ಲಭ್ಯವಿರುವ ಆಧುನಿಕ ವೈದ್ಯಕೀಯ ಸೌಲಭ್ಯಗಳನ್ನು ಗ್ರಾಮೀಣ ಪ್ರದೇಶಗಳಿಗೂ ವಿಸ್ತರಿಸುವ ಉದ್ದೇಶದಿಂದ ಈ ಯೋಜನೆ ರೂಪಿಸಲಾಗಿದೆ. ಆರೋಗ್ಯ ಸಿಬ್ಬಂದಿಗೆ ನಿರಂತರ ತರಬೇತಿ ನೀಡುವ ಮೂಲಕ ಸೇವೆಯ ಗುಣಮಟ್ಟ ಹೆಚ್ಚಿಸಲಾಗುವುದು. ಈ ಸಂದರ್ಭದಲ್ಲಿ ಜಿಲ್ಲಾ ಆರೋಗ್ಯಾಧಿಕಾರಿಗಳು, ತಾಲ್ಲೂಕು ವೈದ್ಯಾಧಿಕಾರಿಗಳು, ಸ್ತ್ರೀರೋಗ ತಜ್ಞರು ಹಾಗೂ ಸಂಸ್ಥೆಯ ಪ್ರತಿನಿಧಿಗಳು ಉಪಸ್ಥಿತರಿದ್ದರು. ಕಾರ್ಯಕ್ರಮವನ್ನು ದೀಪ ಬೆಳಗಿಸುವ ಮೂಲಕ ಉದ್ಘಾಟಿಸಲಾಯಿತು.
ಎಪಿಸಿಯೋಟಮಿಯು ಸಾಮಾನ್ಯ ಯೋನಿ ಹೆರಿಗೆಯ ಸಮಯದಲ್ಲಿ ನಡೆಸುವ ಪ್ರಕ್ರಿಯೆಯಾಗಿದ್ದು ಇದರ ಸರಿಯಾದ ನಿರ್ವಹಣೆ ಅತ್ಯಗತ್ಯ. ವೈದ್ಯರು ಮತ್ತು ಶುಶ್ರೂಷಕರಿಗೆ ಈ ಕುರಿತು ಪ್ರಾಯೋಗಿಕ ತರಬೇತಿ ನೀಡಲಾಯಿತು. ಸಾಂಪ್ರದಾಯಿಕ ವಿಧಾನಗಳ ಜೊತೆಗೆ ಆಧುನಿಕ ತಂತ್ರಜ್ಞಾನ ಬಳಸಿಕೊಂಡು ಸುರಕ್ಷಿತ ಹೆರಿಗೆ ಸಾಧ್ಯವಾಗಿಸುವುದು ಗುರಿಯಾಗಿದೆ. ಮಾನವ ದೇಹದ ಮಾದರಿಗಳನ್ನು ಬಳಸಿ ಸಿಬ್ಬಂದಿಗೆ ಕೌಶಲ್ಯ ತರಬೇತಿ ನೀಡಲಾಗುತ್ತದೆ. ಆರೋಗ್ಯ ಸಿಬ್ಬಂದಿಯ ಆತ್ಮವಿಶ್ವಾಸ ಹೆಚ್ಚಿಸುವ ನಿಟ್ಟಿನಲ್ಲಿ ಈ ಕಾರ್ಯಕ್ರಮ ಸಹಕಾರಿಯಾಗಲಿದೆ. ಗ್ರಾಮೀಣ ಮಹಿಳೆಯರ ಆರೋಗ್ಯ ಸುಧಾರಣೆಗೆ ಇದು ಮಹತ್ವದ ಹೆಜ್ಜೆಯಾಗಿದೆ ಎಂದು ಡಾ.ರವಿ ತಿಳಿಸಿದರು.
